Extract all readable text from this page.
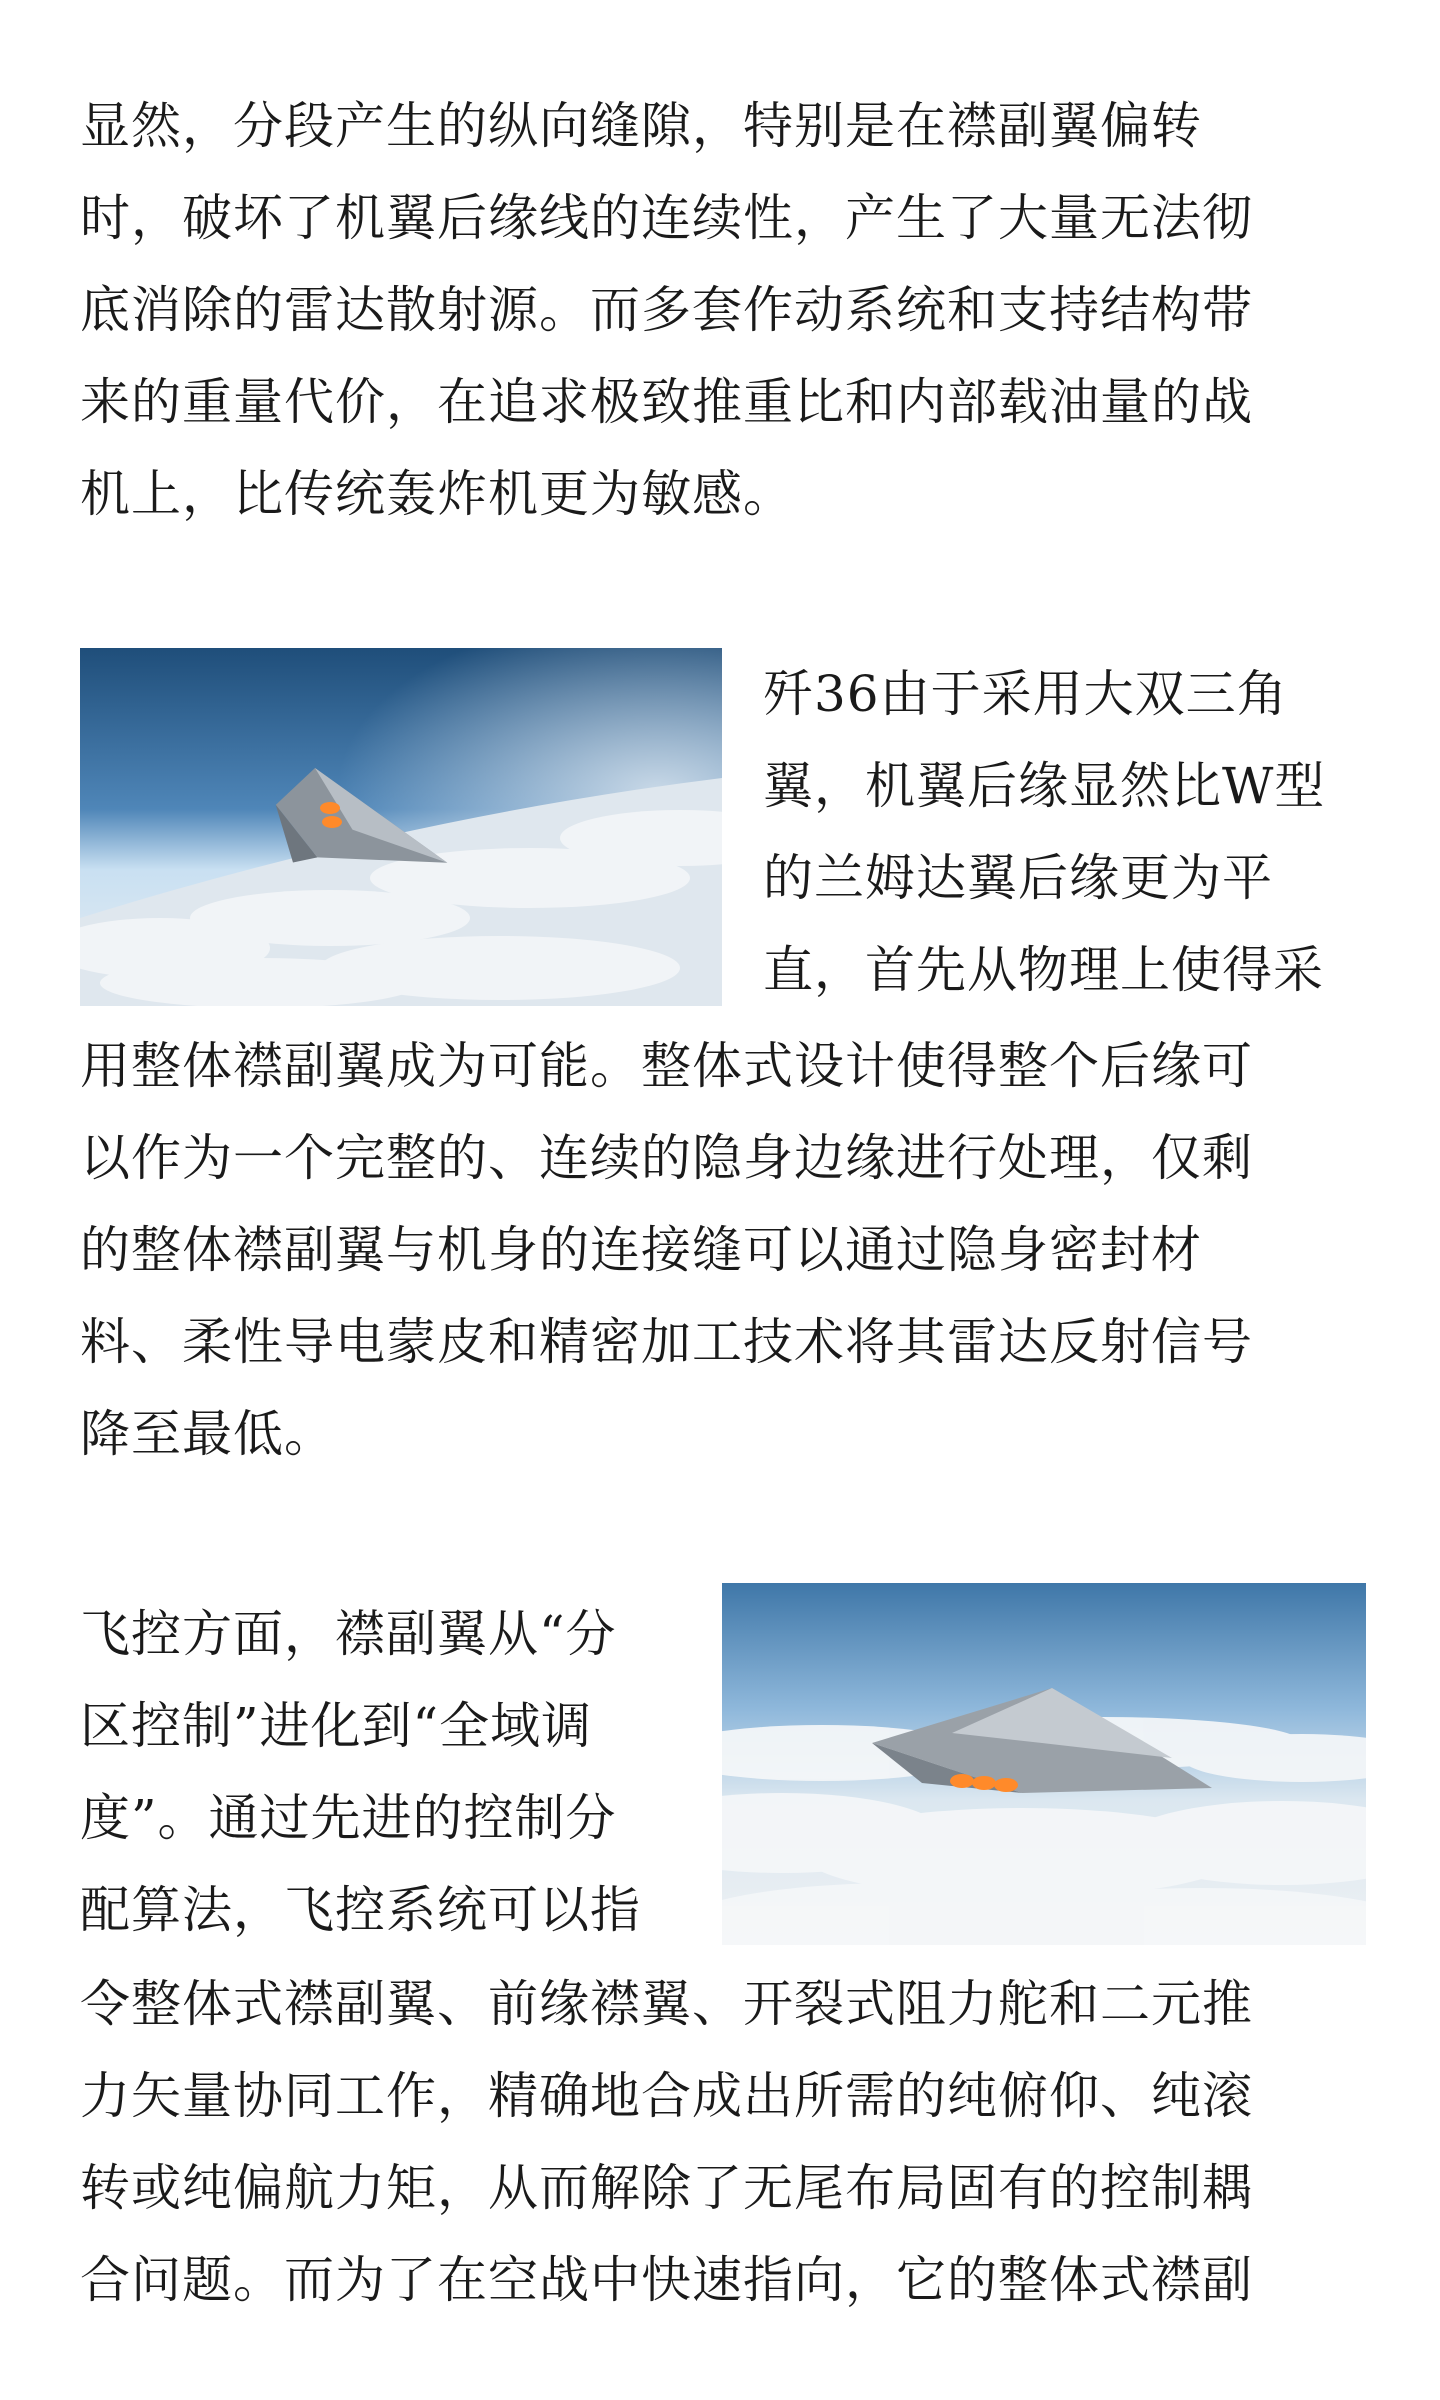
显然，分段产生的纵向缝隙，特别是在襟副翼偏转
时，破坏了机翼后缘线的连续性，产生了大量无法彻
底消除的雷达散射源。而多套作动系统和支持结构带
来的重量代价，在追求极致推重比和内部载油量的战
机上，比传统轰炸机更为敏感。
歼36由于采用大双三角
翼，机翼后缘显然比W型
的兰姆达翼后缘更为平
直，首先从物理上使得采
用整体襟副翼成为可能。整体式设计使得整个后缘可
以作为一个完整的、连续的隐身边缘进行处理，仅剩
的整体襟副翼与机身的连接缝可以通过隐身密封材
料、柔性导电蒙皮和精密加工技术将其雷达反射信号
降至最低。
飞控方面，襟副翼从“分
区控制”进化到“全域调
度”。通过先进的控制分
配算法，飞控系统可以指
令整体式襟副翼、前缘襟翼、开裂式阻力舵和二元推
力矢量协同工作，精确地合成出所需的纯俯仰、纯滚
转或纯偏航力矩，从而解除了无尾布局固有的控制耦
合问题。而为了在空战中快速指向，它的整体式襟副
